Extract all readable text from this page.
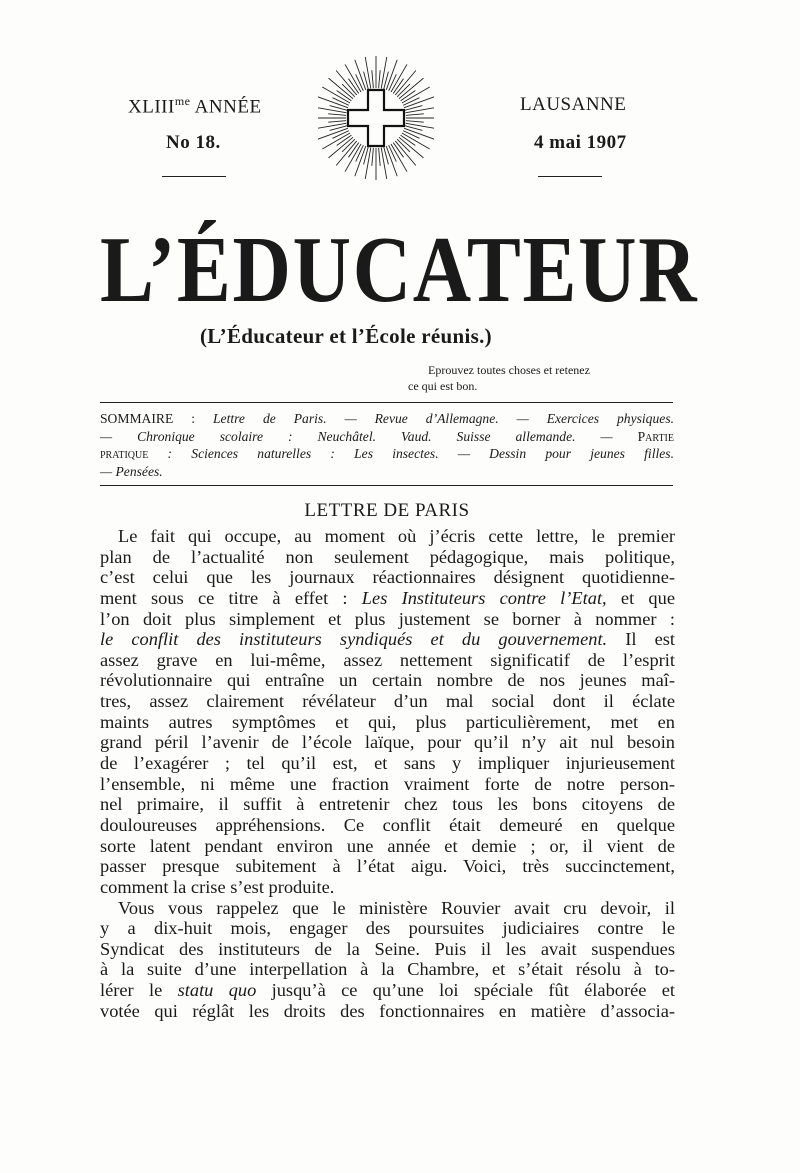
$XLIII^{me}$ ANNÉE
No 18.
LAUSANNE
4 mai 1907
L’ÉDUCATEUR
(L’Éducateur et l’École réunis.)
Eprouvez toutes choses et retenez
ce qui est bon.
SOMMAIRE : Lettre de Paris. — Revue d’Allemagne. — Exercices physiques.
— Chronique scolaire : Neuchâtel. Vaud. Suisse allemande. — Partie
pratique : Sciences naturelles : Les insectes. — Dessin pour jeunes filles.
— Pensées.
LETTRE DE PARIS
Le fait qui occupe, au moment où j’écris cette lettre, le premier
plan de l’actualité non seulement pédagogique, mais politique,
c’est celui que les journaux réactionnaires désignent quotidienne-
ment sous ce titre à effet : Les Instituteurs contre l’Etat, et que
l’on doit plus simplement et plus justement se borner à nommer :
le conflit des instituteurs syndiqués et du gouvernement. Il est
assez grave en lui-même, assez nettement significatif de l’esprit
révolutionnaire qui entraîne un certain nombre de nos jeunes maî-
tres, assez clairement révélateur d’un mal social dont il éclate
maints autres symptômes et qui, plus particulièrement, met en
grand péril l’avenir de l’école laïque, pour qu’il n’y ait nul besoin
de l’exagérer ; tel qu’il est, et sans y impliquer injurieusement
l’ensemble, ni même une fraction vraiment forte de notre person-
nel primaire, il suffit à entretenir chez tous les bons citoyens de
douloureuses appréhensions. Ce conflit était demeuré en quelque
sorte latent pendant environ une année et demie ; or, il vient de
passer presque subitement à l’état aigu. Voici, très succinctement,
comment la crise s’est produite.
Vous vous rappelez que le ministère Rouvier avait cru devoir, il
y a dix-huit mois, engager des poursuites judiciaires contre le
Syndicat des instituteurs de la Seine. Puis il les avait suspendues
à la suite d’une interpellation à la Chambre, et s’était résolu à to-
lérer le statu quo jusqu’à ce qu’une loi spéciale fût élaborée et
votée qui réglât les droits des fonctionnaires en matière d’associa-
